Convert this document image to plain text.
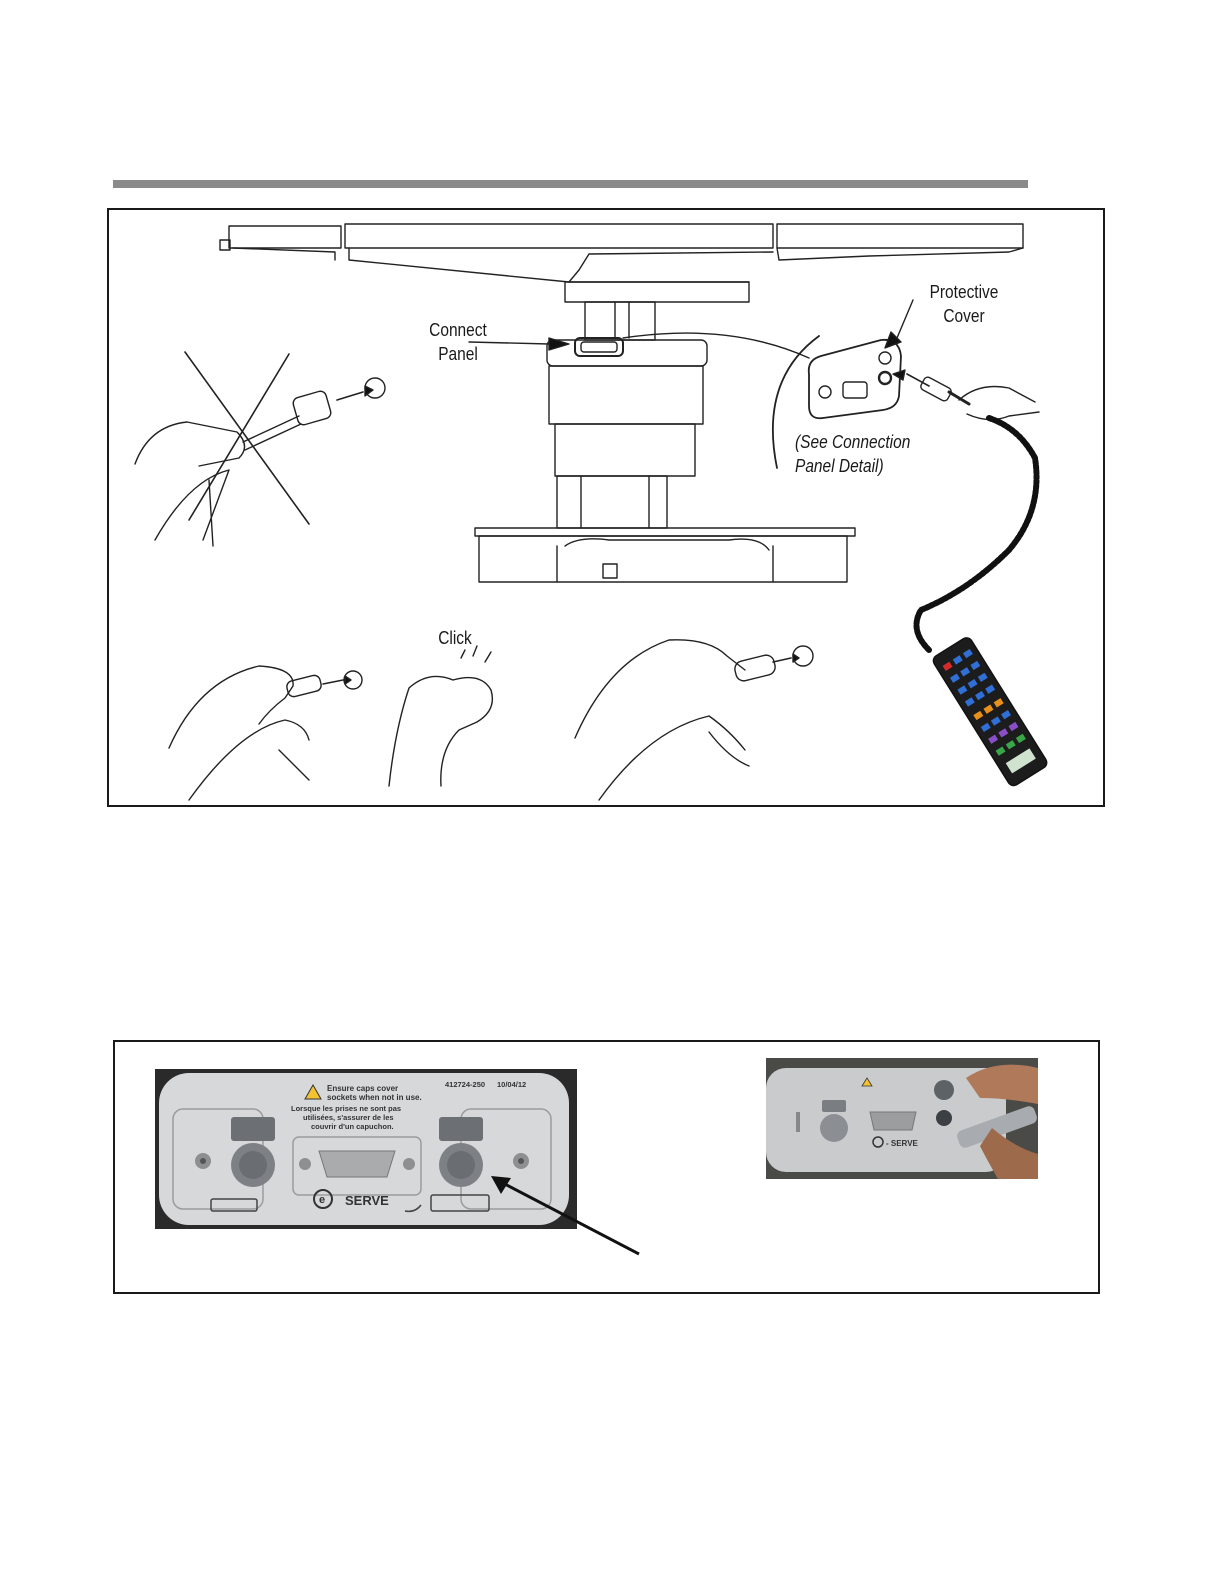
Connect
Panel
Protective
Cover
(See Connection
Panel Detail)
Click
Ensure caps cover
sockets when not in use.
Lorsque les prises ne sont pas
utilisées, s'assurer de les
couvrir d'un capuchon.
412724-250 10/04/12
e SERVE
- SERVE
